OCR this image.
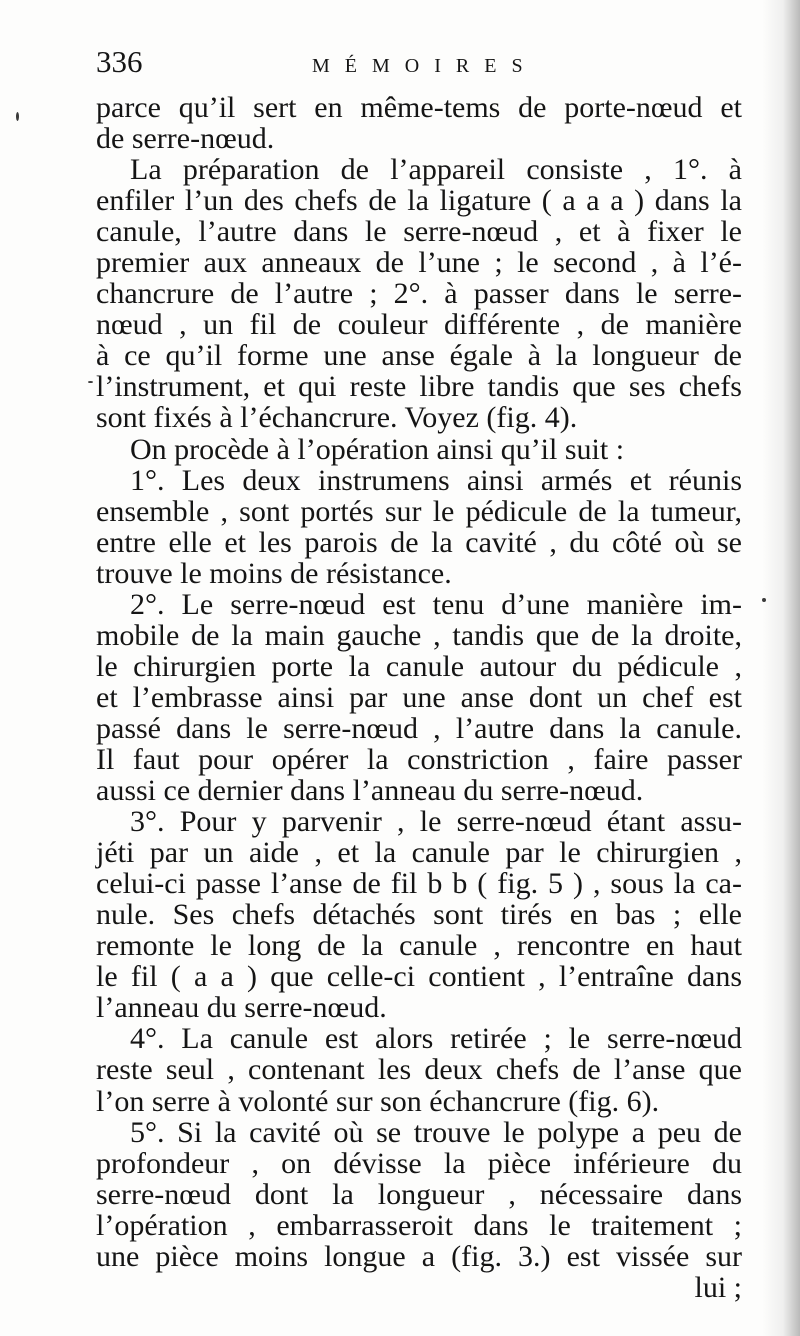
336	MÉMOIRES
parce qu’il sert en même-tems de porte-nœud et
de serre-nœud.
La préparation de l’appareil consiste , 1°. à
enfiler l’un des chefs de la ligature ( a a a ) dans la
canule, l’autre dans le serre-nœud , et à fixer le
premier aux anneaux de l’une ; le second , à l’é-
chancrure de l’autre ; 2°. à passer dans le serre-
nœud , un fil de couleur différente , de manière
à ce qu’il forme une anse égale à la longueur de
l’instrument, et qui reste libre tandis que ses chefs
sont fixés à l’échancrure. Voyez (fig. 4).
On procède à l’opération ainsi qu’il suit :
1°. Les deux instrumens ainsi armés et réunis
ensemble , sont portés sur le pédicule de la tumeur,
entre elle et les parois de la cavité , du côté où se
trouve le moins de résistance.
2°. Le serre-nœud est tenu d’une manière im-
mobile de la main gauche , tandis que de la droite,
le chirurgien porte la canule autour du pédicule ,
et l’embrasse ainsi par une anse dont un chef est
passé dans le serre-nœud , l’autre dans la canule.
Il faut pour opérer la constriction , faire passer
aussi ce dernier dans l’anneau du serre-nœud.
3°. Pour y parvenir , le serre-nœud étant assu-
jéti par un aide , et la canule par le chirurgien ,
celui-ci passe l’anse de fil b b ( fig. 5 ) , sous la ca-
nule. Ses chefs détachés sont tirés en bas ; elle
remonte le long de la canule , rencontre en haut
le fil ( a a ) que celle-ci contient , l’entraîne dans
l’anneau du serre-nœud.
4°. La canule est alors retirée ; le serre-nœud
reste seul , contenant les deux chefs de l’anse que
l’on serre à volonté sur son échancrure (fig. 6).
5°. Si la cavité où se trouve le polype a peu de
profondeur , on dévisse la pièce inférieure du
serre-nœud dont la longueur , nécessaire dans
l’opération , embarrasseroit dans le traitement ;
une pièce moins longue a (fig. 3.) est vissée sur
lui ;
